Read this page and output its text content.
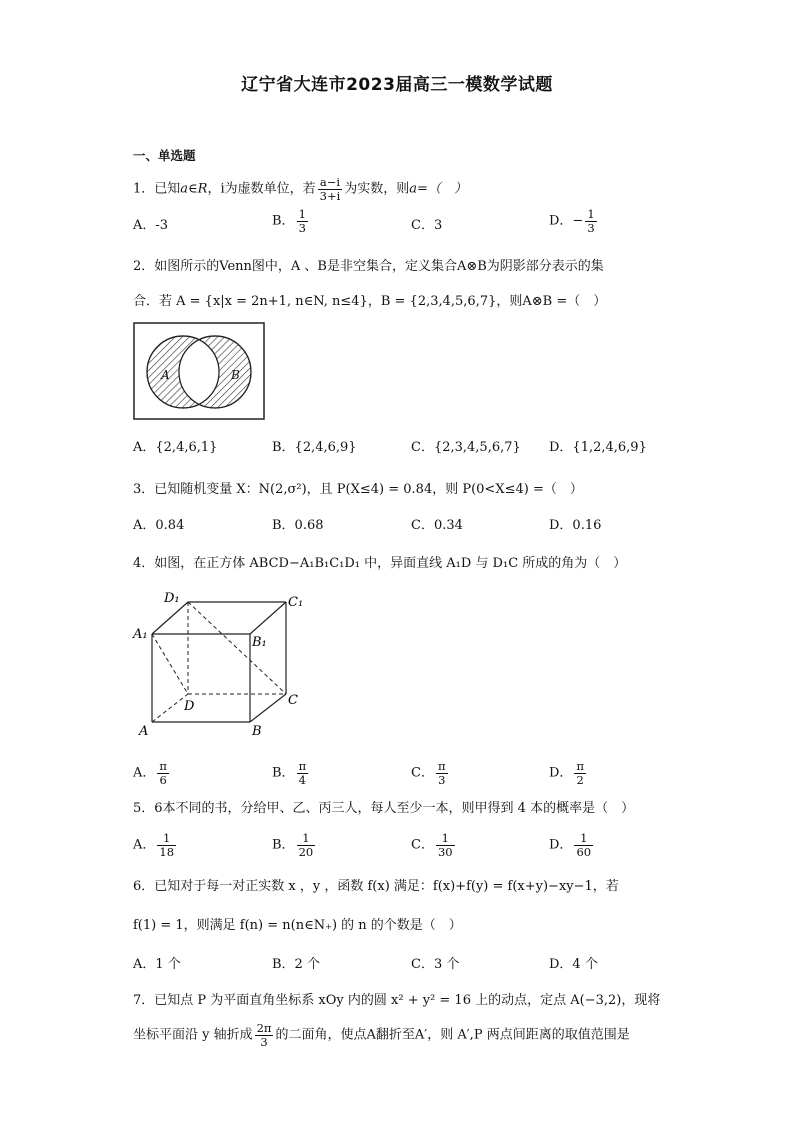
辽宁省大连市2023届高三一模数学试题
一、单选题
1．已知a∈R，i为虚数单位，若 $\frac{a-i}{3+i}$ 为实数，则a=（　）
A．-3	B． $\frac{1}{3}$	C．3	D．− $\frac{1}{3}$
2．如图所示的Venn图中，A 、B是非空集合，定义集合A⊗B为阴影部分表示的集
合．若 A = {x|x = 2n+1, n∈N, n≤4}，B = {2,3,4,5,6,7}，则A⊗B =（　）
A	B
A．{2,4,6,1}	B．{2,4,6,9}	C．{2,3,4,5,6,7} D．{1,2,4,6,9}
3．已知随机变量 X：N(2,σ²)，且 P(X≤4) = 0.84，则 P(0<X≤4) =（　）
A．0.84	B．0.68	C．0.34	D．0.16
4．如图，在正方体 ABCD−A₁B₁C₁D₁ 中，异面直线 A₁D 与 D₁C 所成的角为（　）
D₁	C₁
A₁
B₁
D	C
A	B
A． $\frac{\pi}{6}$	B． $\frac{\pi}{4}$	C． $\frac{\pi}{3}$	D． $\frac{\pi}{2}$
5．6本不同的书，分给甲、乙、丙三人，每人至少一本，则甲得到 4 本的概率是（　）
A． $\frac{1}{18}$	B． $\frac{1}{20}$	C． $\frac{1}{30}$	D． $\frac{1}{60}$
6．已知对于每一对正实数 x ，y ，函数 f(x) 满足：f(x)+f(y) = f(x+y)−xy−1，若
f(1) = 1，则满足 f(n) = n(n∈N₊) 的 n 的个数是（　）
A．1 个	B．2 个	C．3 个	D．4 个
7．已知点 P 为平面直角坐标系 xOy 内的圆 x² + y² = 16 上的动点，定点 A(−3,2)，现将
坐标平面沿 y 轴折成 $\frac{2\pi}{3}$ 的二面角，使点A翻折至A′，则 A′,P 两点间距离的取值范围是
